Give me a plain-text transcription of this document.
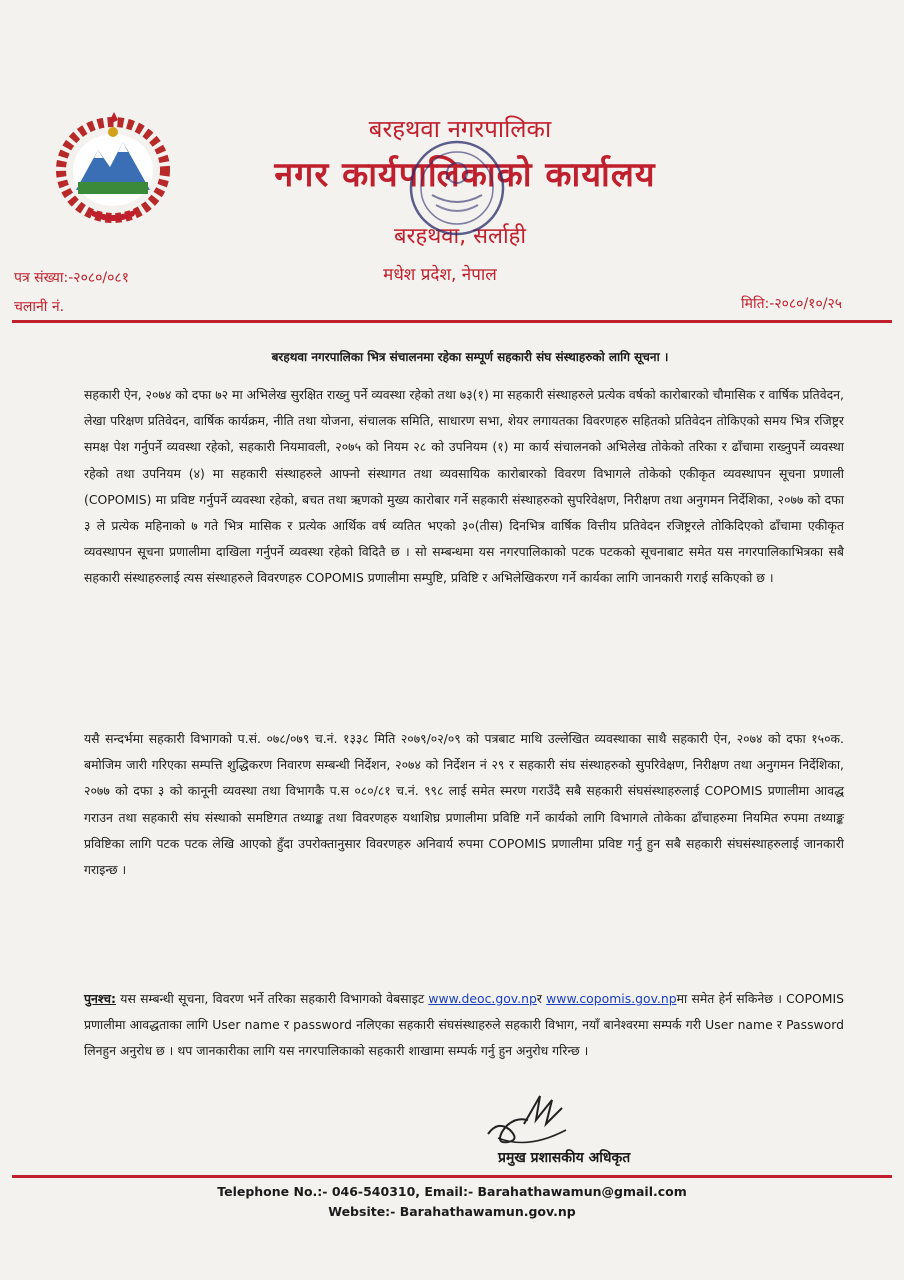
बरहथवा नगरपालिका
नगर कार्यपालिकाको कार्यालय
बरहथवा, सर्लाही
मधेश प्रदेश, नेपाल
पत्र संख्या:-२०८०/०८१
चलानी नं.	मिति:-२०८०/१०/२५
बरहथवा नगरपालिका भित्र संचालनमा रहेका सम्पूर्ण सहकारी संघ संस्थाहरुको लागि सूचना ।
सहकारी ऐन, २०७४ को दफा ७२ मा अभिलेख सुरक्षित राख्नु पर्ने व्यवस्था रहेको तथा ७३(१) मा सहकारी संस्थाहरुले प्रत्येक वर्षको कारोबारको चौमासिक र वार्षिक प्रतिवेदन, लेखा परिक्षण प्रतिवेदन, वार्षिक कार्यक्रम, नीति तथा योजना, संचालक समिति, साधारण सभा, शेयर लगायतका विवरणहरु सहितको प्रतिवेदन तोकिएको समय भित्र रजिष्ट्रर समक्ष पेश गर्नुपर्ने व्यवस्था रहेको, सहकारी नियमावली, २०७५ को नियम २८ को उपनियम (१) मा कार्य संचालनको अभिलेख तोकेको तरिका र ढाँचामा राख्नुपर्ने व्यवस्था रहेको तथा उपनियम (४) मा सहकारी संस्थाहरुले आफ्नो संस्थागत तथा व्यवसायिक कारोबारको विवरण विभागले तोकेको एकीकृत व्यवस्थापन सूचना प्रणाली (COPOMIS) मा प्रविष्ट गर्नुपर्ने व्यवस्था रहेको, बचत तथा ऋणको मुख्य कारोबार गर्ने सहकारी संस्थाहरुको सुपरिवेक्षण, निरीक्षण तथा अनुगमन निर्देशिका, २०७७ को दफा ३ ले प्रत्येक महिनाको ७ गते भित्र मासिक र प्रत्येक आर्थिक वर्ष व्यतित भएको ३०(तीस) दिनभित्र वार्षिक वित्तीय प्रतिवेदन रजिष्ट्ररले तोकिदिएको ढाँचामा एकीकृत व्यवस्थापन सूचना प्रणालीमा दाखिला गर्नुपर्ने व्यवस्था रहेको विदितै छ । सो सम्बन्धमा यस नगरपालिकाको पटक पटकको सूचनाबाट समेत यस नगरपालिकाभित्रका सबै सहकारी संस्थाहरुलाई त्यस संस्थाहरुले विवरणहरु COPOMIS प्रणालीमा सम्पुष्टि, प्रविष्टि र अभिलेखिकरण गर्ने कार्यका लागि जानकारी गराई सकिएको छ ।
यसै सन्दर्भमा सहकारी विभागको प.सं. ०७८/०७९ च.नं. १३३८ मिति २०७९/०२/०९ को पत्रबाट माथि उल्लेखित व्यवस्थाका साथै सहकारी ऐन, २०७४ को दफा १५०क. बमोजिम जारी गरिएका सम्पत्ति शुद्धिकरण निवारण सम्बन्धी निर्देशन, २०७४ को निर्देशन नं २९ र सहकारी संघ संस्थाहरुको सुपरिवेक्षण, निरीक्षण तथा अनुगमन निर्देशिका, २०७७ को दफा ३ को कानूनी व्यवस्था तथा विभागकै प.स ०८०/८१ च.नं. ९९८ लाई समेत स्मरण गराउँदै सबै सहकारी संघसंस्थाहरुलाई COPOMIS प्रणालीमा आवद्ध गराउन तथा सहकारी संघ संस्थाको समष्टिगत तथ्याङ्क तथा विवरणहरु यथाशिघ्र प्रणालीमा प्रविष्टि गर्ने कार्यको लागि विभागले तोकेका ढाँचाहरुमा नियमित रुपमा तथ्याङ्क प्रविष्टिका लागि पटक पटक लेखि आएको हुँदा उपरोक्तानुसार विवरणहरु अनिवार्य रुपमा COPOMIS प्रणालीमा प्रविष्ट गर्नु हुन सबै सहकारी संघसंस्थाहरुलाई जानकारी गराइन्छ ।
पुनश्च: यस सम्बन्धी सूचना, विवरण भर्ने तरिका सहकारी विभागको वेबसाइट www.deoc.gov.npर www.copomis.gov.npमा समेत हेर्न सकिनेछ । COPOMIS प्रणालीमा आवद्धताका लागि User name र password नलिएका सहकारी संघसंस्थाहरुले सहकारी विभाग, नयाँ बानेश्वरमा सम्पर्क गरी User name र Password लिनहुन अनुरोध छ । थप जानकारीका लागि यस नगरपालिकाको सहकारी शाखामा सम्पर्क गर्नु हुन अनुरोध गरिन्छ ।
प्रमुख प्रशासकीय अधिकृत
Telephone No.:- 046-540310, Email:- Barahathawamun@gmail.com
Website:- Barahathawamun.gov.np
